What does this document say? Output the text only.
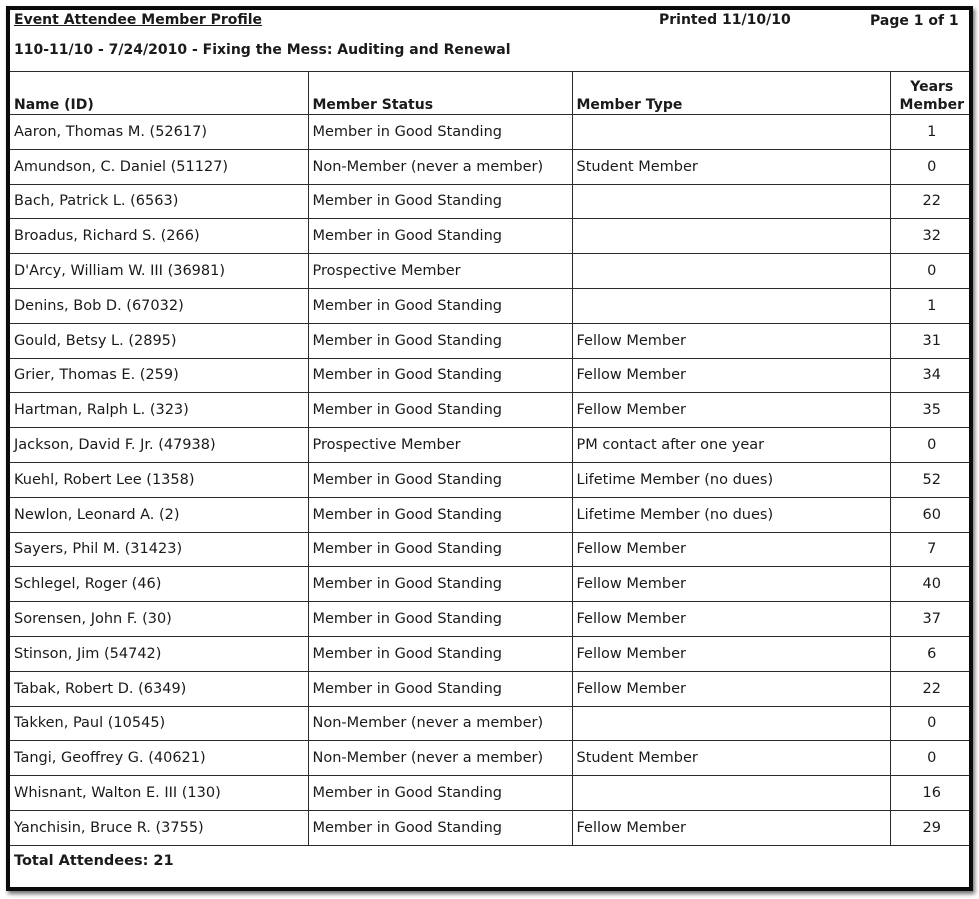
Event Attendee Member Profile	Printed 11/10/10	Page 1 of 1
110-11/10 - 7/24/2010 - Fixing the Mess: Auditing and Renewal
Name (ID)	Member Status	Member Type	Years
Member
Aaron, Thomas M. (52617)	Member in Good Standing		1
Amundson, C. Daniel (51127)	Non-Member (never a member)	Student Member	0
Bach, Patrick L. (6563)	Member in Good Standing		22
Broadus, Richard S. (266)	Member in Good Standing		32
D'Arcy, William W. III (36981)	Prospective Member		0
Denins, Bob D. (67032)	Member in Good Standing		1
Gould, Betsy L. (2895)	Member in Good Standing	Fellow Member	31
Grier, Thomas E. (259)	Member in Good Standing	Fellow Member	34
Hartman, Ralph L. (323)	Member in Good Standing	Fellow Member	35
Jackson, David F. Jr. (47938)	Prospective Member	PM contact after one year	0
Kuehl, Robert Lee (1358)	Member in Good Standing	Lifetime Member (no dues)	52
Newlon, Leonard A. (2)	Member in Good Standing	Lifetime Member (no dues)	60
Sayers, Phil M. (31423)	Member in Good Standing	Fellow Member	7
Schlegel, Roger (46)	Member in Good Standing	Fellow Member	40
Sorensen, John F. (30)	Member in Good Standing	Fellow Member	37
Stinson, Jim (54742)	Member in Good Standing	Fellow Member	6
Tabak, Robert D. (6349)	Member in Good Standing	Fellow Member	22
Takken, Paul (10545)	Non-Member (never a member)		0
Tangi, Geoffrey G. (40621)	Non-Member (never a member)	Student Member	0
Whisnant, Walton E. III (130)	Member in Good Standing		16
Yanchisin, Bruce R. (3755)	Member in Good Standing	Fellow Member	29
Total Attendees: 21
